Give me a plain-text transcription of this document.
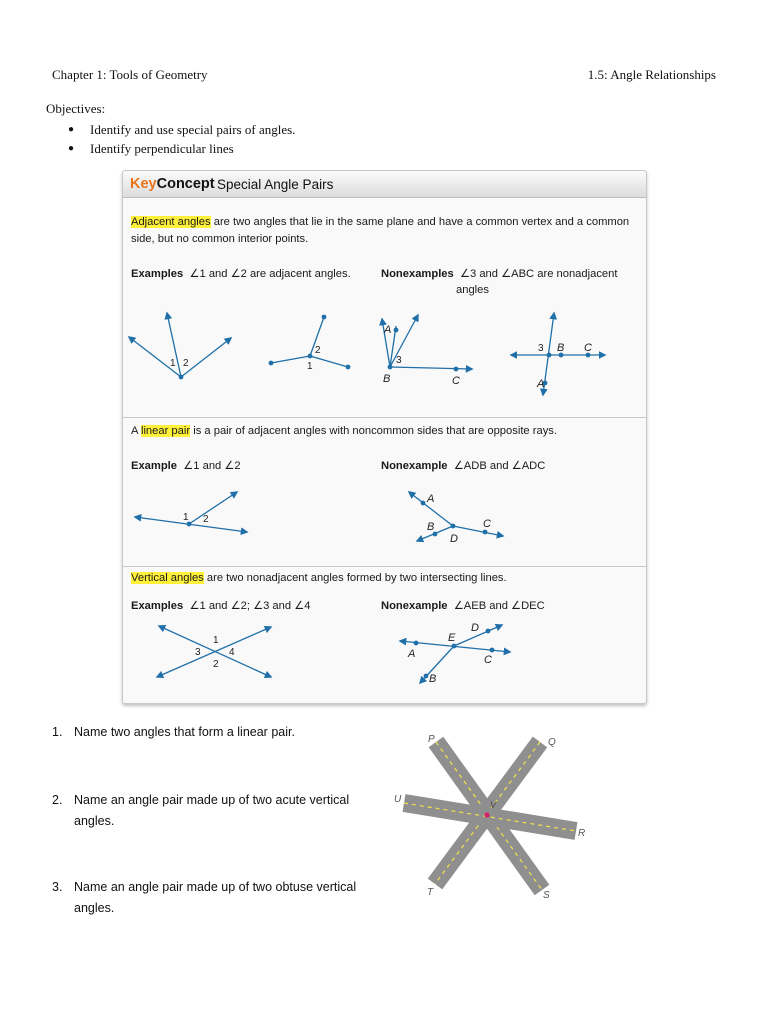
Chapter 1: Tools of Geometry	1.5: Angle Relationships
Objectives:
● Identify and use special pairs of angles.
● Identify perpendicular lines
KeyConcept Special Angle Pairs
Adjacent angles are two angles that lie in the same plane and have a common vertex and a common
side, but no common interior points.
Examples ∠1 and ∠2 are adjacent angles.	Nonexamples ∠3 and ∠ABC are nonadjacent
angles
1 2
2
1
A
3
B	C
3 B C
A
A linear pair is a pair of adjacent angles with noncommon sides that are opposite rays.
Example ∠1 and ∠2	Nonexample ∠ADB and ∠ADC
1 2
A
B	C
D
Vertical angles are two nonadjacent angles formed by two intersecting lines.
Examples ∠1 and ∠2; ∠3 and ∠4	Nonexample ∠AEB and ∠DEC
1
3	4
2
E
D
A	C
B
1. Name two angles that form a linear pair.
2. Name an angle pair made up of two acute vertical
angles.
3. Name an angle pair made up of two obtuse vertical
angles.
P	Q
U	V
R
T	S
